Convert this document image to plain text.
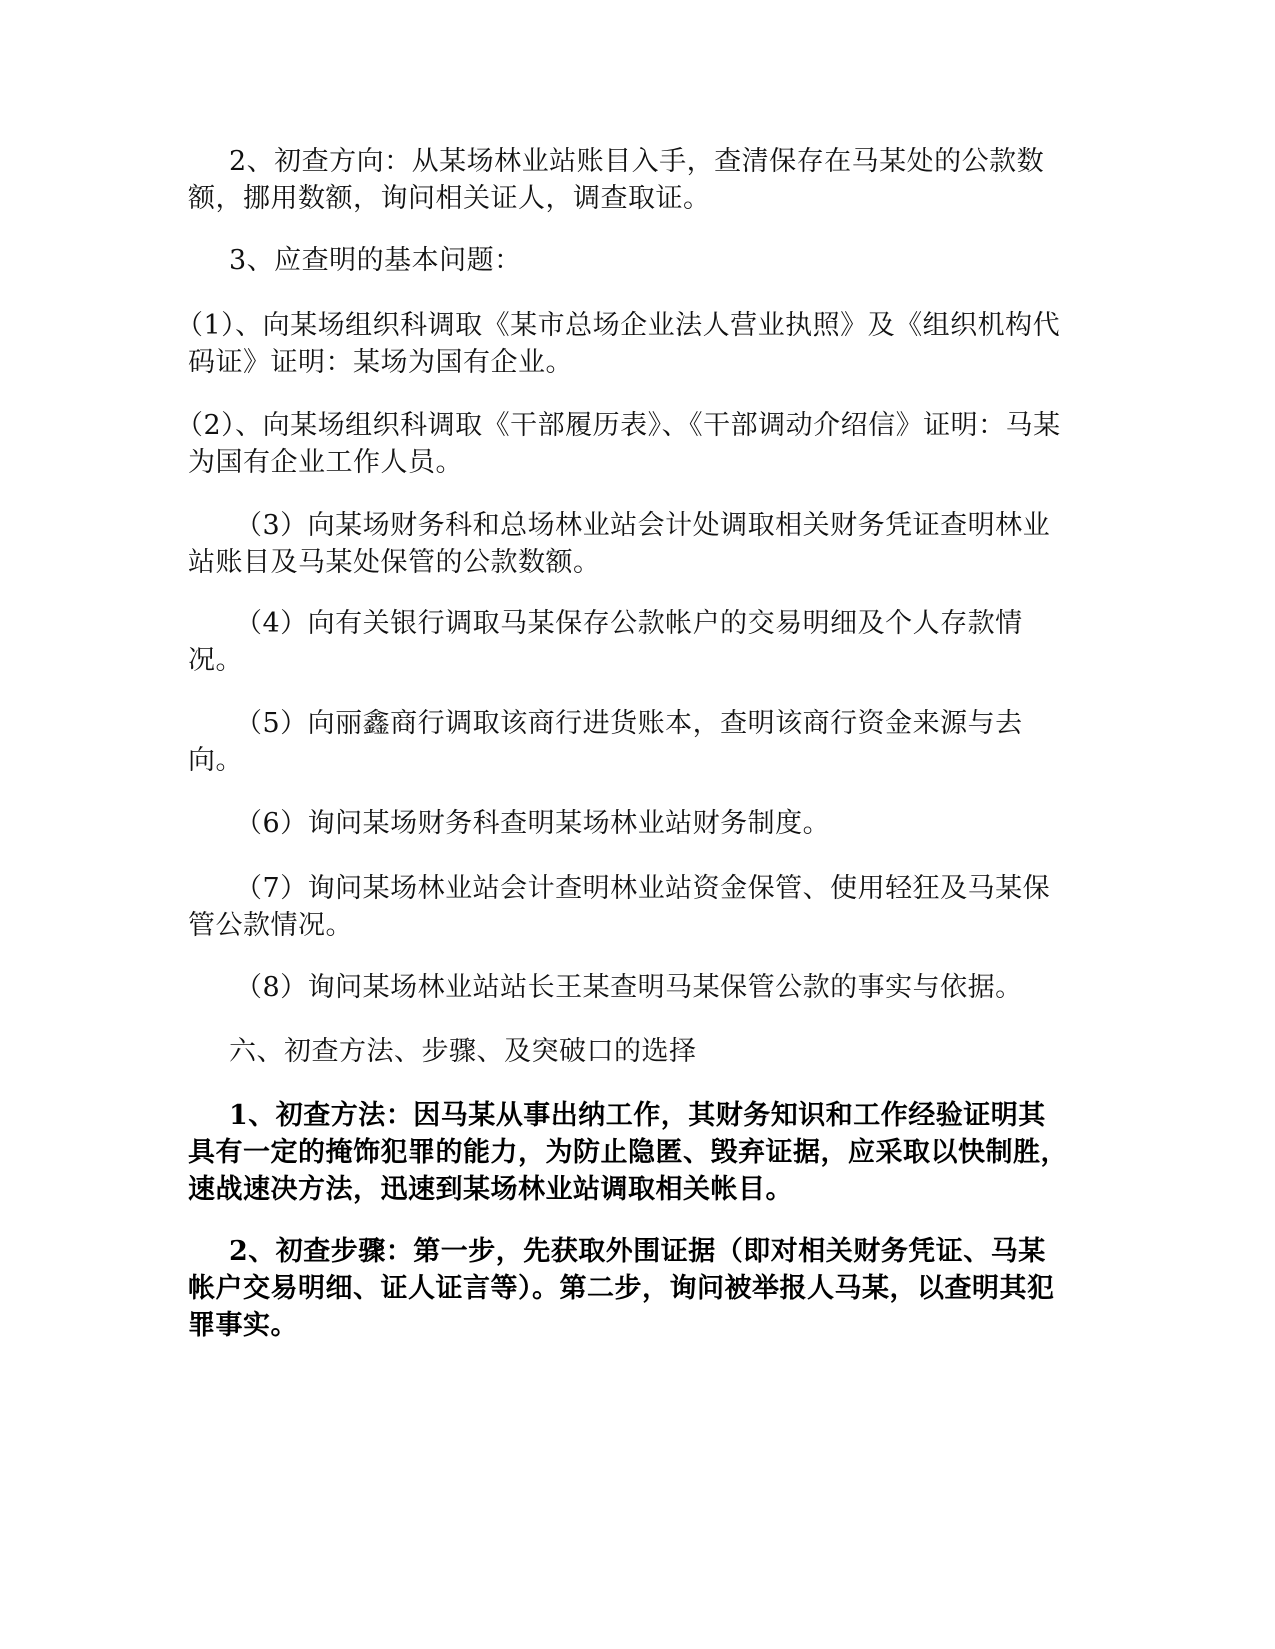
2、初查方向：从某场林业站账目入手，查清保存在马某处的公款数额，挪用数额，询问相关证人，调查取证。

3、应查明的基本问题：

（1）、向某场组织科调取《某市总场企业法人营业执照》及《组织机构代码证》证明：某场为国有企业。

（2）、向某场组织科调取《干部履历表》、《干部调动介绍信》证明：马某为国有企业工作人员。

（3）向某场财务科和总场林业站会计处调取相关财务凭证查明林业站账目及马某处保管的公款数额。

（4）向有关银行调取马某保存公款帐户的交易明细及个人存款情况。

（5）向丽鑫商行调取该商行进货账本，查明该商行资金来源与去向。

（6）询问某场财务科查明某场林业站财务制度。

（7）询问某场林业站会计查明林业站资金保管、使用轻狂及马某保管公款情况。

（8）询问某场林业站站长王某查明马某保管公款的事实与依据。

六、初查方法、步骤、及突破口的选择

1、初查方法：因马某从事出纳工作，其财务知识和工作经验证明其具有一定的掩饰犯罪的能力，为防止隐匿、毁弃证据，应采取以快制胜，速战速决方法，迅速到某场林业站调取相关帐目。

2、初查步骤：第一步，先获取外围证据（即对相关财务凭证、马某帐户交易明细、证人证言等）。第二步，询问被举报人马某，以查明其犯罪事实。
